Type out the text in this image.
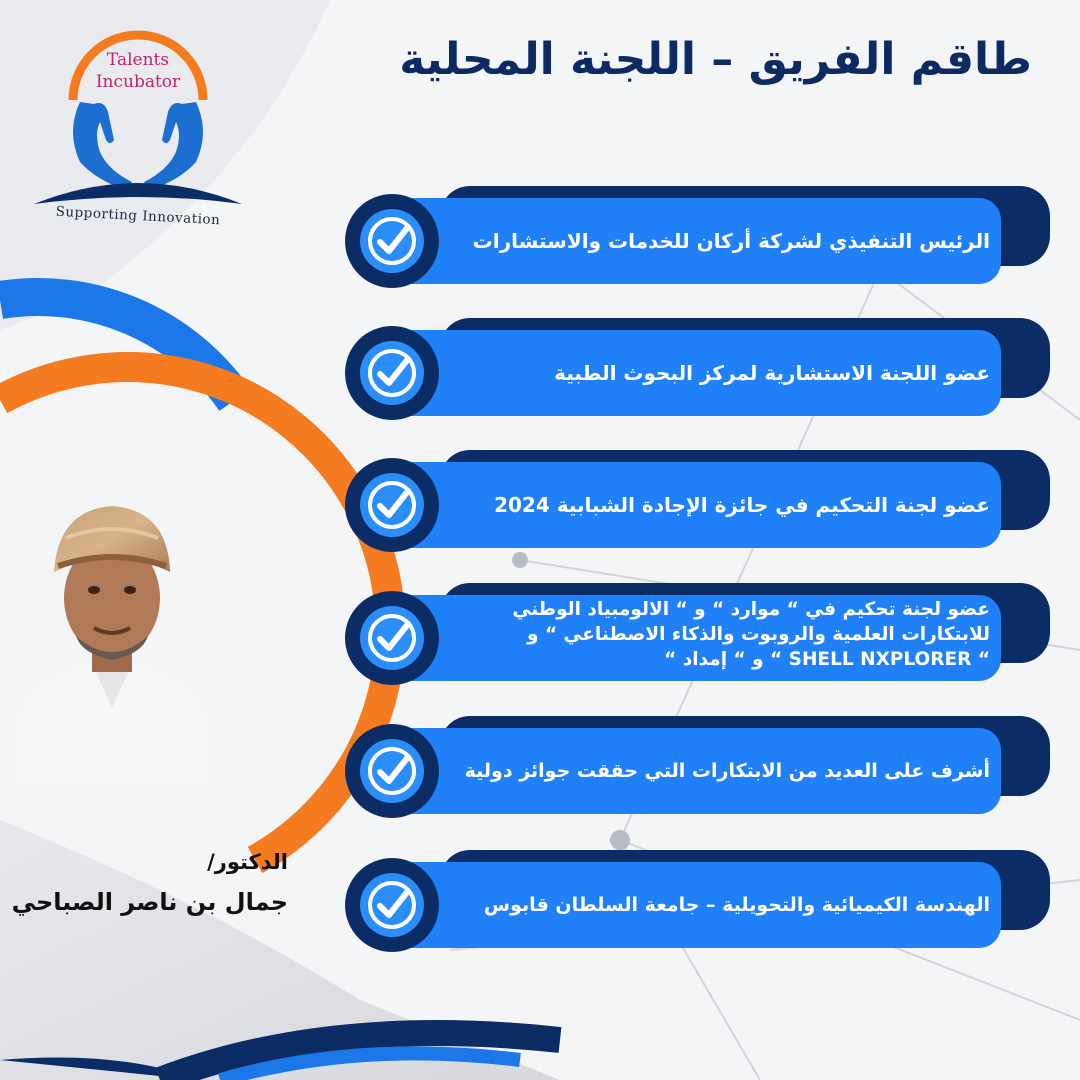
Talents
Incubator
Supporting Innovation
طاقم الفريق – اللجنة المحلية
الرئيس التنفيذي لشركة أركان للخدمات والاستشارات
عضو اللجنة الاستشارية لمركز البحوث الطبية
عضو لجنة التحكيم في جائزة الإجادة الشبابية 2024
عضو لجنة تحكيم في “ موارد “ و “ الالومبياد الوطني
للابتكارات العلمية والروبوت والذكاء الاصطناعي “ و
“ SHELL NXPLORER “ و “ إمداد “
أشرف على العديد من الابتكارات التي حققت جوائز دولية
الهندسة الكيميائية والتحويلية – جامعة السلطان قابوس
الدكتور/
جمال بن ناصر الصباحي
